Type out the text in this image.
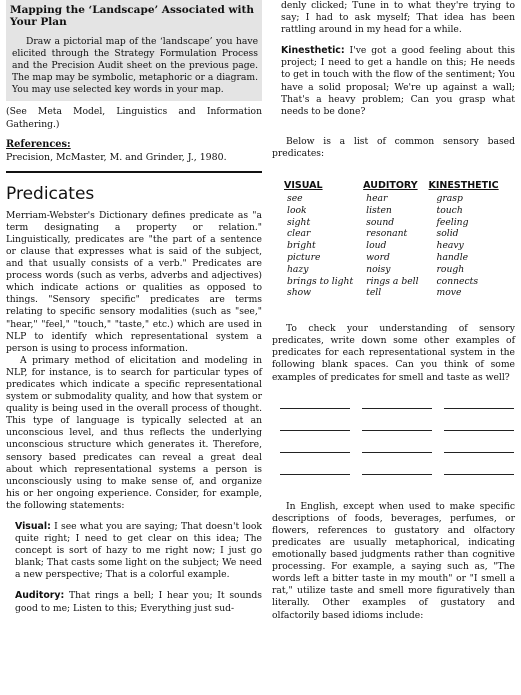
Mapping the ‘Landscape’ Associated with Your Plan

Draw a pictorial map of the ‘landscape’ you have elicited through the Strategy Formulation Process and the Precision Audit sheet on the previous page. The map may be symbolic, metaphoric or a diagram. You may use selected key words in your map.

(See Meta Model, Linguistics and Information Gathering.)

References:
Precision, McMaster, M. and Grinder, J., 1980.
Predicates

Merriam-Webster's Dictionary defines predicate as "a term designating a property or relation." Linguistically, predicates are "the part of a sentence or clause that expresses what is said of the subject, and that usually consists of a verb." Predicates are process words (such as verbs, adverbs and adjectives) which indicate actions or qualities as opposed to things. "Sensory specific" predicates are terms relating to specific sensory modalities (such as "see," "hear," "feel," "touch," "taste," etc.) which are used in NLP to identify which representational system a person is using to process information.

A primary method of elicitation and modeling in NLP, for instance, is to search for particular types of predicates which indicate a specific representational system or submodality quality, and how that system or quality is being used in the overall process of thought. This type of language is typically selected at an unconscious level, and thus reflects the underlying unconscious structure which generates it. Therefore, sensory based predicates can reveal a great deal about which representational systems a person is unconsciously using to make sense of, and organize his or her ongoing experience. Consider, for example, the following statements:

Visual: I see what you are saying; That doesn't look quite right; I need to get clear on this idea; The concept is sort of hazy to me right now; I just go blank; That casts some light on the subject; We need a new perspective; That is a colorful example.

Auditory: That rings a bell; I hear you; It sounds good to me; Listen to this; Everything just sud-

denly clicked; Tune in to what they're trying to say; I had to ask myself; That idea has been rattling around in my head for a while.

Kinesthetic: I've got a good feeling about this project; I need to get a handle on this; He needs to get in touch with the flow of the sentiment; You have a solid proposal; We're up against a wall; That's a heavy problem; Can you grasp what needs to be done?

Below is a list of common sensory based predicates:

VISUAL	AUDITORY	KINESTHETIC
see	hear	grasp
look	listen	touch
sight	sound	feeling
clear	resonant	solid
bright	loud	heavy
picture	word	handle
hazy	noisy	rough
brings to light	rings a bell	connects
show	tell	move

To check your understanding of sensory predicates, write down some other examples of predicates for each representational system in the following blank spaces. Can you think of some examples of predicates for smell and taste as well?

In English, except when used to make specific descriptions of foods, beverages, perfumes, or flowers, references to gustatory and olfactory predicates are usually metaphorical, indicating emotionally based judgments rather than cognitive processing. For example, a saying such as, "The words left a bitter taste in my mouth" or "I smell a rat," utilize taste and smell more figuratively than literally. Other examples of gustatory and olfactorily based idioms include:
